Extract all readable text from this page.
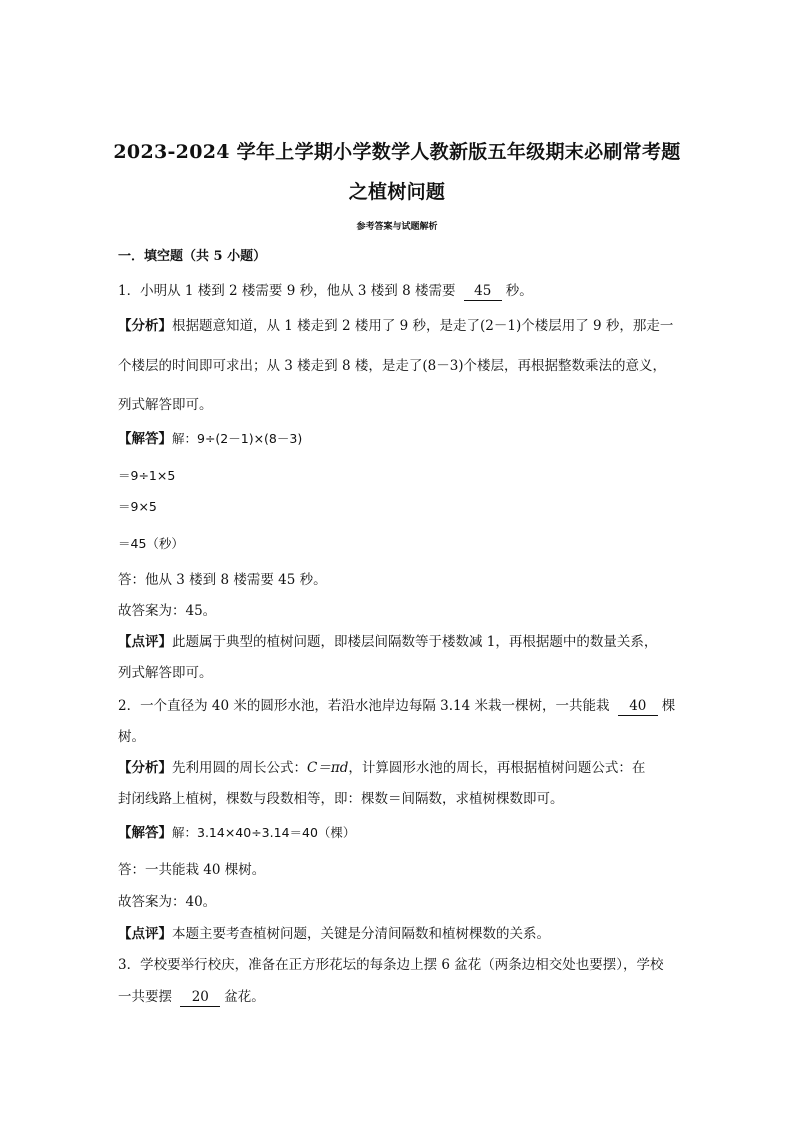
2023-2024 学年上学期小学数学人教新版五年级期末必刷常考题
之植树问题

参考答案与试题解析

一．填空题（共 5 小题）
1．小明从 1 楼到 2 楼需要 9 秒，他从 3 楼到 8 楼需要 45 秒。
【分析】根据题意知道，从 1 楼走到 2 楼用了 9 秒，是走了(2－1)个楼层用了 9 秒，那走一
个楼层的时间即可求出；从 3 楼走到 8 楼，是走了(8－3)个楼层，再根据整数乘法的意义，
列式解答即可。
【解答】解：9÷(2－1)×(8－3)
＝9÷1×5
＝9×5
＝45（秒）
答：他从 3 楼到 8 楼需要 45 秒。
故答案为：45。
【点评】此题属于典型的植树问题，即楼层间隔数等于楼数减 1，再根据题中的数量关系，
列式解答即可。
2．一个直径为 40 米的圆形水池，若沿水池岸边每隔 3.14 米栽一棵树，一共能栽 40 棵
树。
【分析】先利用圆的周长公式：C＝πd，计算圆形水池的周长，再根据植树问题公式：在
封闭线路上植树，棵数与段数相等，即：棵数＝间隔数，求植树棵数即可。
【解答】解：3.14×40÷3.14＝40（棵）
答：一共能栽 40 棵树。
故答案为：40。
【点评】本题主要考查植树问题，关键是分清间隔数和植树棵数的关系。
3．学校要举行校庆，准备在正方形花坛的每条边上摆 6 盆花（两条边相交处也要摆），学校
一共要摆 20 盆花。
